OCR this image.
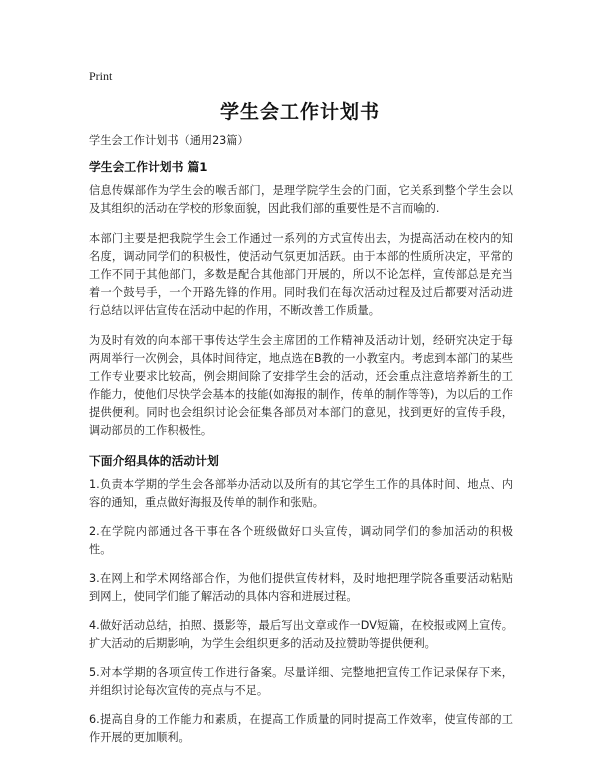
Print
学生会工作计划书

学生会工作计划书（通用23篇）

学生会工作计划书 篇1

信息传媒部作为学生会的喉舌部门，是理学院学生会的门面，它关系到整个学生会以及其组织的活动在学校的形象面貌，因此我们部的重要性是不言而喻的.

本部门主要是把我院学生会工作通过一系列的方式宣传出去，为提高活动在校内的知名度，调动同学们的积极性，使活动气氛更加活跃。由于本部的性质所决定，平常的工作不同于其他部门，多数是配合其他部门开展的，所以不论怎样，宣传部总是充当着一个鼓号手，一个开路先锋的作用。同时我们在每次活动过程及过后都要对活动进行总结以评估宣传在活动中起的作用，不断改善工作质量。

为及时有效的向本部干事传达学生会主席团的工作精神及活动计划，经研究决定于每两周举行一次例会，具体时间待定，地点选在B教的一小教室内。考虑到本部门的某些工作专业要求比较高，例会期间除了安排学生会的活动，还会重点注意培养新生的工作能力，使他们尽快学会基本的技能(如海报的制作，传单的制作等等)，为以后的工作提供便利。同时也会组织讨论会征集各部员对本部门的意见，找到更好的宣传手段，调动部员的工作积极性。

下面介绍具体的活动计划

1.负责本学期的学生会各部举办活动以及所有的其它学生工作的具体时间、地点、内容的通知，重点做好海报及传单的制作和张贴。

2.在学院内部通过各干事在各个班级做好口头宣传，调动同学们的参加活动的积极性。

3.在网上和学术网络部合作，为他们提供宣传材料，及时地把理学院各重要活动粘贴到网上，使同学们能了解活动的具体内容和进展过程。

4.做好活动总结，拍照、摄影等，最后写出文章或作一DV短篇，在校报或网上宣传。扩大活动的后期影响，为学生会组织更多的活动及拉赞助等提供便利。

5.对本学期的各项宣传工作进行备案。尽量详细、完整地把宣传工作记录保存下来，并组织讨论每次宣传的亮点与不足。

6.提高自身的工作能力和素质，在提高工作质量的同时提高工作效率，使宣传部的工作开展的更加顺利。
